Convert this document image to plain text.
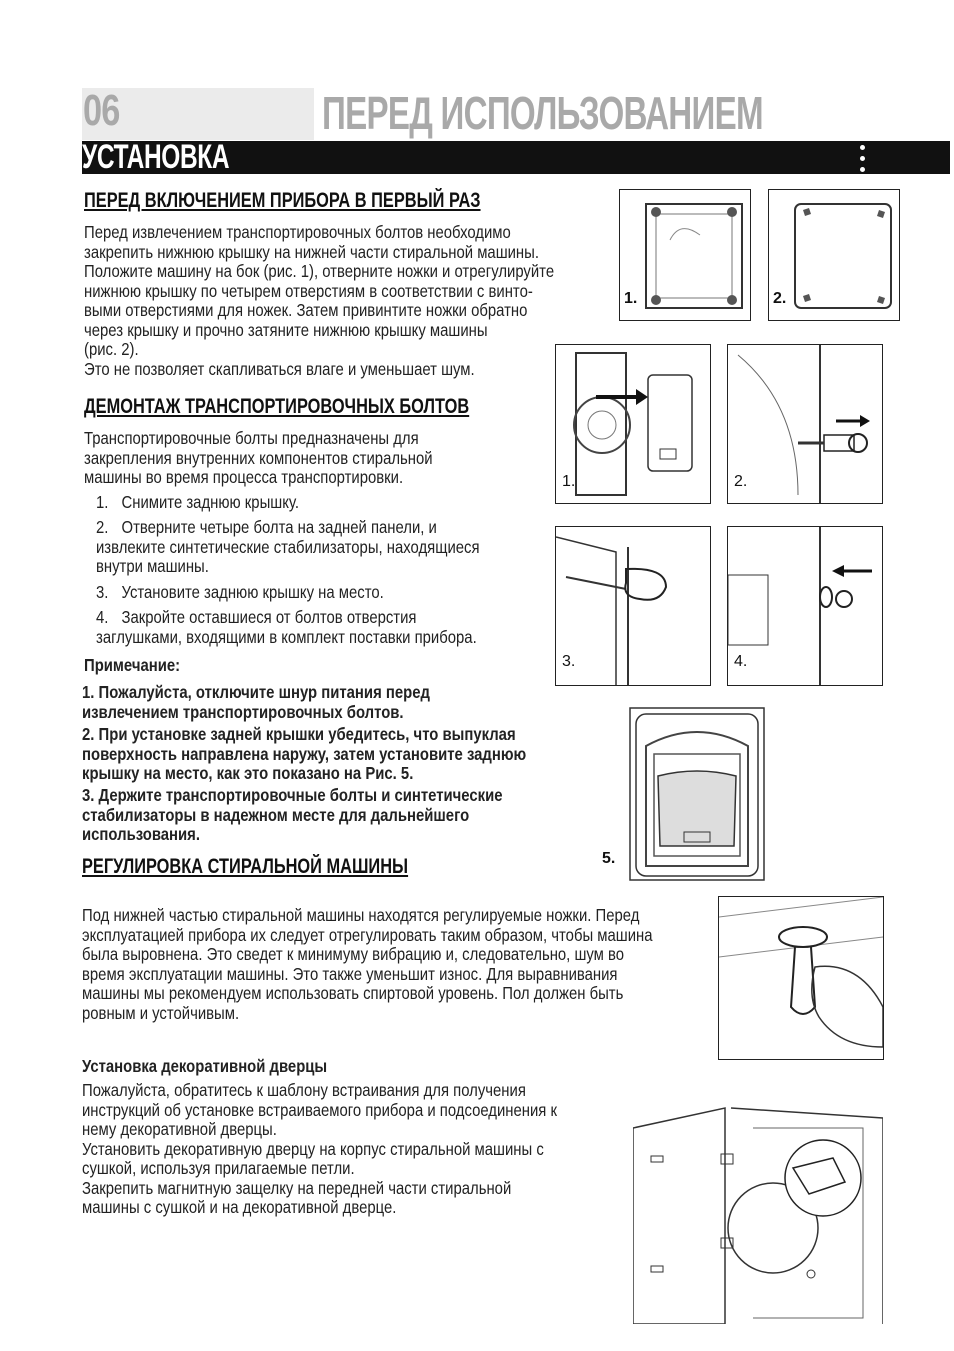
06	ПЕРЕД ИСПОЛЬЗОВАНИЕМ
УСТАНОВКА
ПЕРЕД ВКЛЮЧЕНИЕМ ПРИБОРА В ПЕРВЫЙ РАЗ
Перед извлечением транспортировочных болтов необходимо
закрепить нижнюю крышку на нижней части стиральной машины.
Положите машину на бок (рис. 1), отверните ножки и отрегулируйте
нижнюю крышку по четырем отверстиям в соответствии с винто-
выми отверстиями для ножек. Затем привинтите ножки обратно
через крышку и прочно затяните нижнюю крышку машины
(рис. 2).
Это не позволяет скапливаться влаге и уменьшает шум.
1.	2.
ДЕМОНТАЖ ТРАНСПОРТИРОВОЧНЫХ БОЛТОВ
Транспортировочные болты предназначены для
закрепления внутренних компонентов стиральной
машины во время процесса транспортировки.
1. Снимите заднюю крышку.
2. Отверните четыре болта на задней панели, и
извлеките синтетические стабилизаторы, находящиеся
внутри машины.
3. Установите заднюю крышку на место.
4. Закройте оставшиеся от болтов отверстия
заглушками, входящими в комплект поставки прибора.
Примечание:
1. Пожалуйста, отключите шнур питания перед
извлечением транспортировочных болтов.
2. При установке задней крышки убедитесь, что выпуклая
поверхность направлена наружу, затем установите заднюю
крышку на место, как это показано на Рис. 5.
3. Держите транспортировочные болты и синтетические
стабилизаторы в надежном месте для дальнейшего
использования.
1.	2.
3.	4.
5.
РЕГУЛИРОВКА СТИРАЛЬНОЙ МАШИНЫ
Под нижней частью стиральной машины находятся регулируемые ножки. Перед
эксплуатацией прибора их следует отрегулировать таким образом, чтобы машина
была выровнена. Это сведет к минимуму вибрацию и, следовательно, шум во
время эксплуатации машины. Это также уменьшит износ. Для выравнивания
машины мы рекомендуем использовать спиртовой уровень. Пол должен быть
ровным и устойчивым.
Установка декоративной дверцы
Пожалуйста, обратитесь к шаблону встраивания для получения
инструкций об установке встраиваемого прибора и подсоединения к
нему декоративной дверцы.
Установить декоративную дверцу на корпус стиральной машины с
сушкой, используя прилагаемые петли.
Закрепить магнитную защелку на передней части стиральной
машины с сушкой и на декоративной дверце.
